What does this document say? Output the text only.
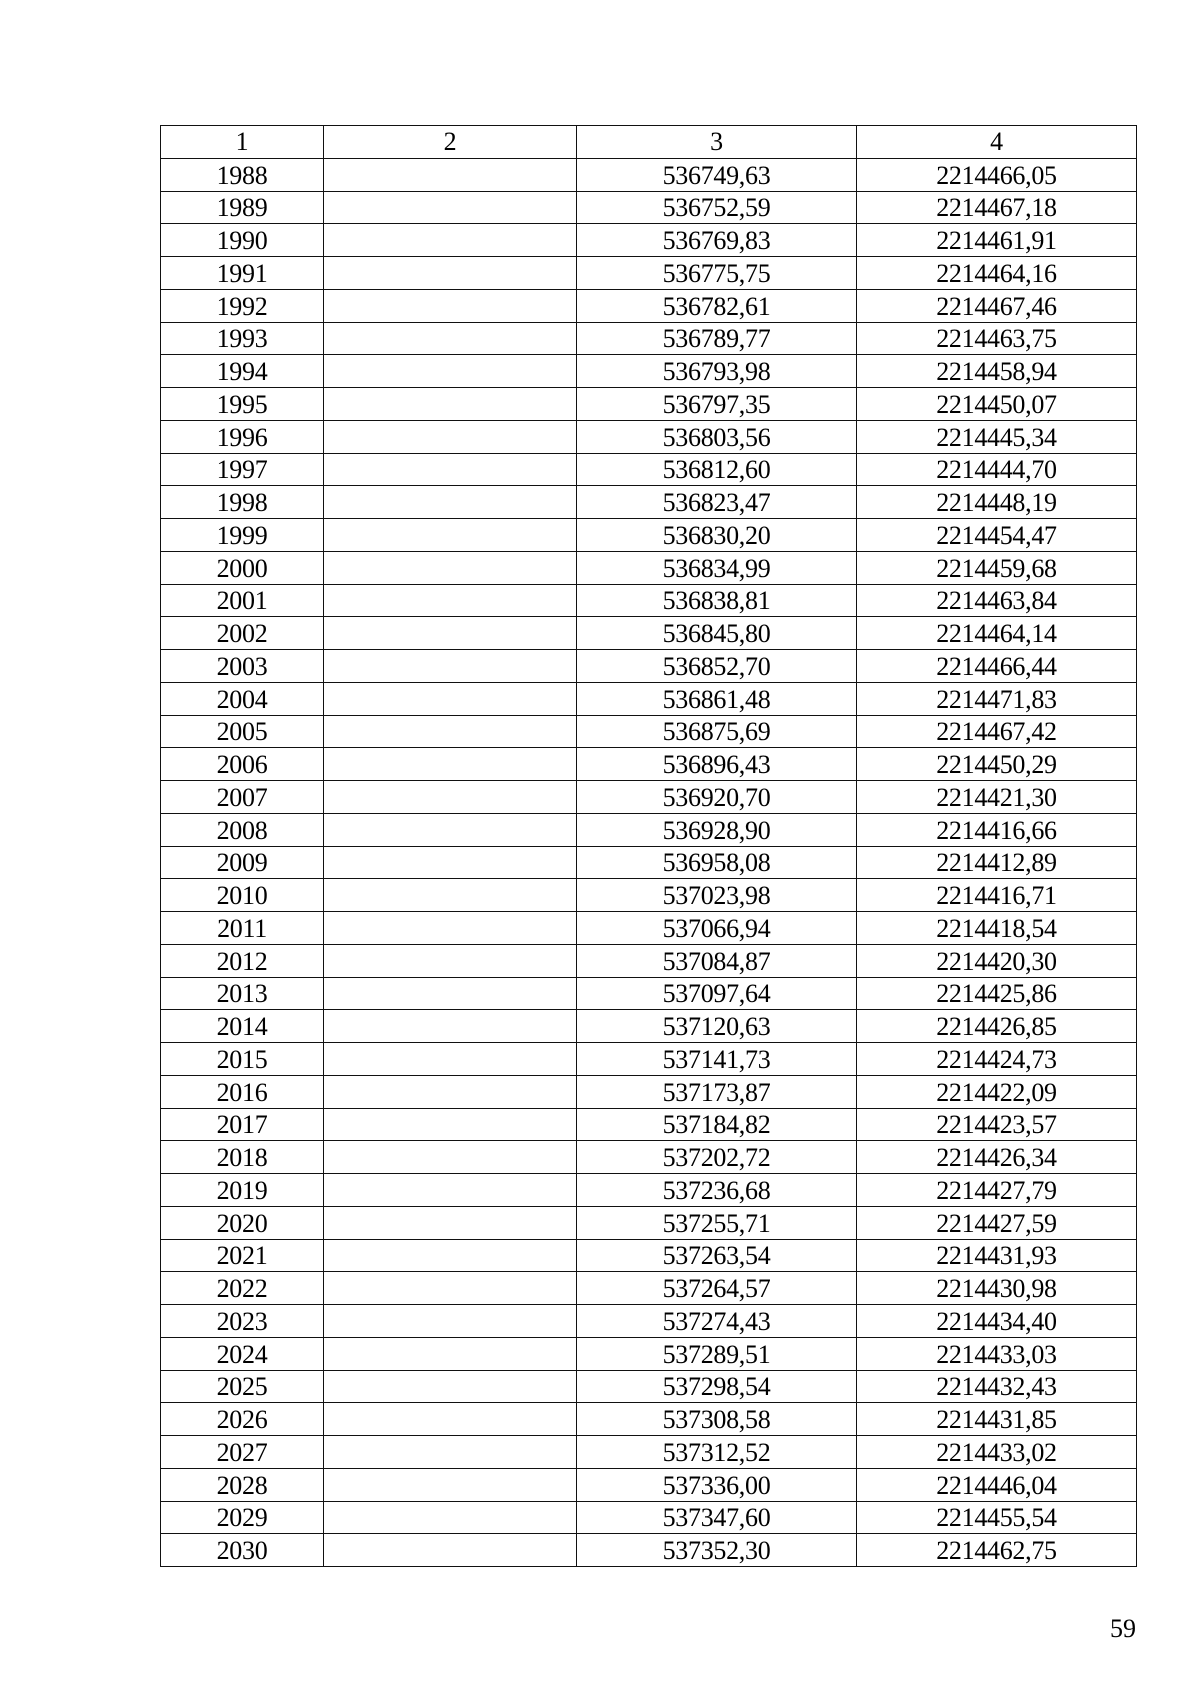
1	2	3	4
1988		536749,63	2214466,05
1989		536752,59	2214467,18
1990		536769,83	2214461,91
1991		536775,75	2214464,16
1992		536782,61	2214467,46
1993		536789,77	2214463,75
1994		536793,98	2214458,94
1995		536797,35	2214450,07
1996		536803,56	2214445,34
1997		536812,60	2214444,70
1998		536823,47	2214448,19
1999		536830,20	2214454,47
2000		536834,99	2214459,68
2001		536838,81	2214463,84
2002		536845,80	2214464,14
2003		536852,70	2214466,44
2004		536861,48	2214471,83
2005		536875,69	2214467,42
2006		536896,43	2214450,29
2007		536920,70	2214421,30
2008		536928,90	2214416,66
2009		536958,08	2214412,89
2010		537023,98	2214416,71
2011		537066,94	2214418,54
2012		537084,87	2214420,30
2013		537097,64	2214425,86
2014		537120,63	2214426,85
2015		537141,73	2214424,73
2016		537173,87	2214422,09
2017		537184,82	2214423,57
2018		537202,72	2214426,34
2019		537236,68	2214427,79
2020		537255,71	2214427,59
2021		537263,54	2214431,93
2022		537264,57	2214430,98
2023		537274,43	2214434,40
2024		537289,51	2214433,03
2025		537298,54	2214432,43
2026		537308,58	2214431,85
2027		537312,52	2214433,02
2028		537336,00	2214446,04
2029		537347,60	2214455,54
2030		537352,30	2214462,75
59
